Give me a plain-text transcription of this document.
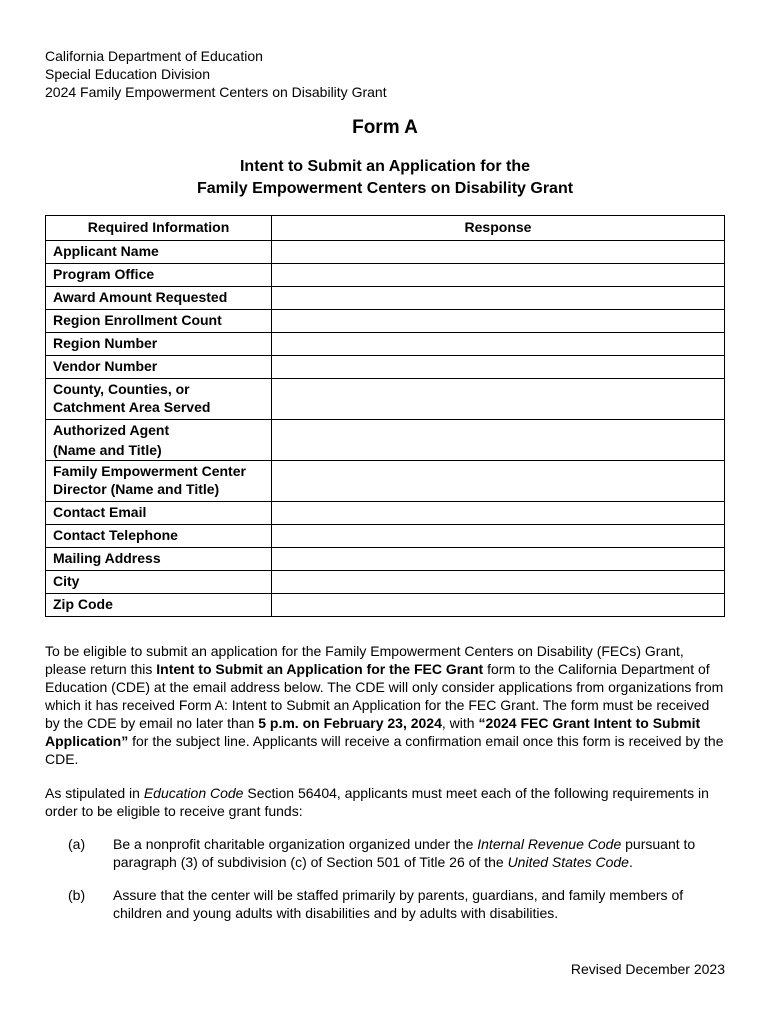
California Department of Education
Special Education Division
2024 Family Empowerment Centers on Disability Grant
Form A
Intent to Submit an Application for the
Family Empowerment Centers on Disability Grant
Required Information	Response
Applicant Name	
Program Office	
Award Amount Requested	
Region Enrollment Count	
Region Number	
Vendor Number	

County, Counties, or
Catchment Area Served	

Authorized Agent
(Name and Title)	

Family Empowerment Center
Director (Name and Title)	

Contact Email	
Contact Telephone	
Mailing Address	
City	
Zip Code	
To be eligible to submit an application for the Family Empowerment Centers on Disability (FECs) Grant, please return this Intent to Submit an Application for the FEC Grant form to the California Department of Education (CDE) at the email address below. The CDE will only consider applications from organizations from which it has received Form A: Intent to Submit an Application for the FEC Grant. The form must be received by the CDE by email no later than 5 p.m. on February 23, 2024, with “2024 FEC Grant Intent to Submit Application” for the subject line. Applicants will receive a confirmation email once this form is received by the CDE.
As stipulated in Education Code Section 56404, applicants must meet each of the following requirements in order to be eligible to receive grant funds:
(a) Be a nonprofit charitable organization organized under the Internal Revenue Code pursuant to paragraph (3) of subdivision (c) of Section 501 of Title 26 of the United States Code.
(b) Assure that the center will be staffed primarily by parents, guardians, and family members of children and young adults with disabilities and by adults with disabilities.
Revised December 2023
